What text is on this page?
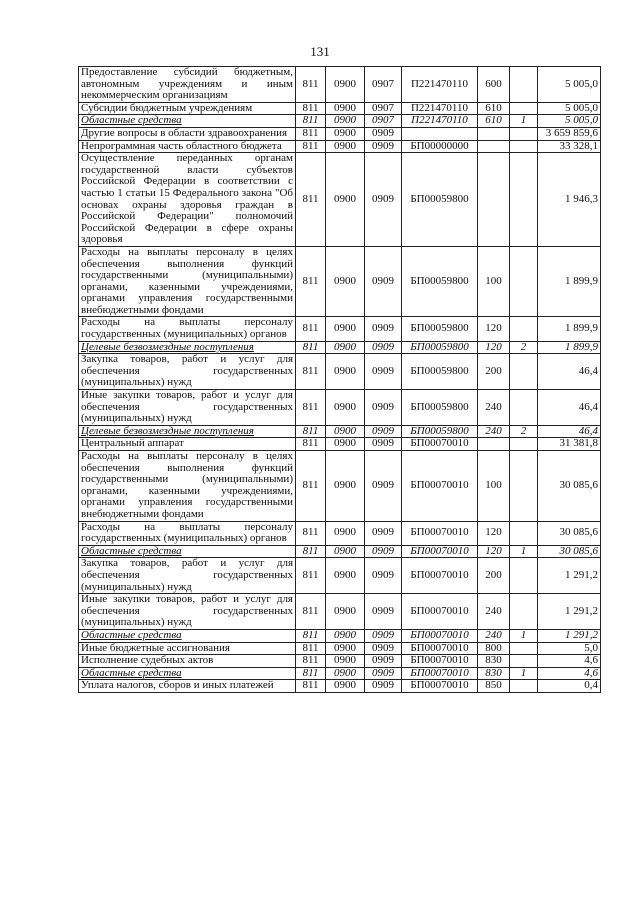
131
Предоставление субсидий бюджетным, автономным учреждениям и иным некоммерческим организациям	811	0900	0907	П221470110	600		5 005,0
Субсидии бюджетным учреждениям	811	0900	0907	П221470110	610		5 005,0
Областные средства	811	0900	0907	П221470110	610	1	5 005,0
Другие вопросы в области здравоохранения	811	0900	0909				3 659 859,6
Непрограммная часть областного бюджета	811	0900	0909	БП00000000			33 328,1
Осуществление переданных органам государственной власти субъектов Российской Федерации в соответствии с частью 1 статьи 15 Федерального закона "Об основах охраны здоровья граждан в Российской Федерации" полномочий Российской Федерации в сфере охраны здоровья	811	0900	0909	БП00059800			1 946,3
Расходы на выплаты персоналу в целях обеспечения выполнения функций государственными (муниципальными) органами, казенными учреждениями, органами управления государственными внебюджетными фондами	811	0900	0909	БП00059800	100		1 899,9
Расходы на выплаты персоналу государственных (муниципальных) органов	811	0900	0909	БП00059800	120		1 899,9
Целевые безвозмездные поступления	811	0900	0909	БП00059800	120	2	1 899,9
Закупка товаров, работ и услуг для обеспечения государственных (муниципальных) нужд	811	0900	0909	БП00059800	200		46,4
Иные закупки товаров, работ и услуг для обеспечения государственных (муниципальных) нужд	811	0900	0909	БП00059800	240		46,4
Целевые безвозмездные поступления	811	0900	0909	БП00059800	240	2	46,4
Центральный аппарат	811	0900	0909	БП00070010			31 381,8
Расходы на выплаты персоналу в целях обеспечения выполнения функций государственными (муниципальными) органами, казенными учреждениями, органами управления государственными внебюджетными фондами	811	0900	0909	БП00070010	100		30 085,6
Расходы на выплаты персоналу государственных (муниципальных) органов	811	0900	0909	БП00070010	120		30 085,6
Областные средства	811	0900	0909	БП00070010	120	1	30 085,6
Закупка товаров, работ и услуг для обеспечения государственных (муниципальных) нужд	811	0900	0909	БП00070010	200		1 291,2
Иные закупки товаров, работ и услуг для обеспечения государственных (муниципальных) нужд	811	0900	0909	БП00070010	240		1 291,2
Областные средства	811	0900	0909	БП00070010	240	1	1 291,2
Иные бюджетные ассигнования	811	0900	0909	БП00070010	800		5,0
Исполнение судебных актов	811	0900	0909	БП00070010	830		4,6
Областные средства	811	0900	0909	БП00070010	830	1	4,6
Уплата налогов, сборов и иных платежей	811	0900	0909	БП00070010	850		0,4
